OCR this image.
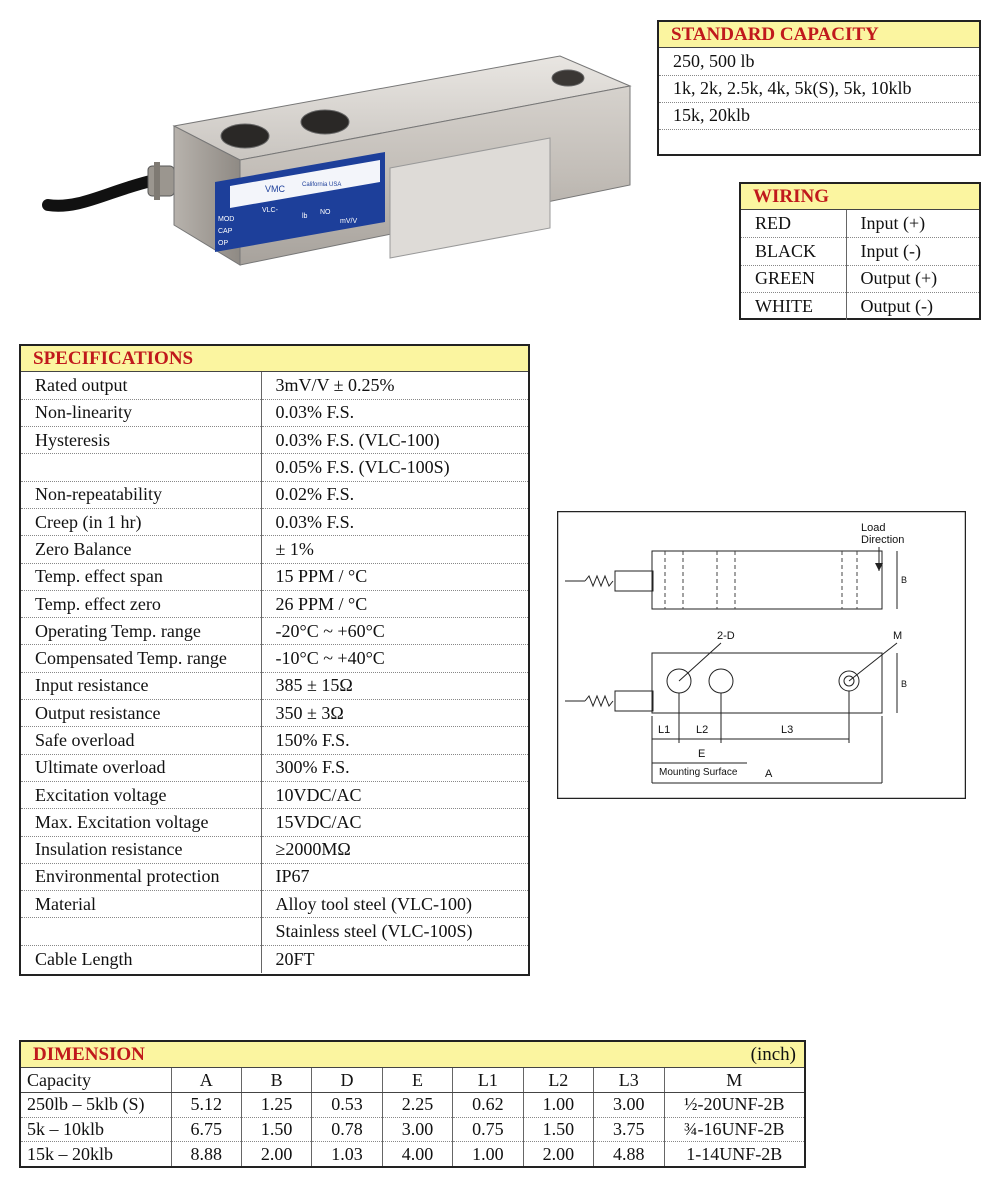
VMC	California USA
MOD
CAP
OP
VLC-
lb
NO
mV/V
STANDARD CAPACITY
250, 500 lb
1k, 2k, 2.5k, 4k, 5k(S), 5k, 10klb
15k, 20klb

WIRING
RED	Input (+)
BLACK	Input (-)
GREEN	Output (+)
WHITE	Output (-)
SPECIFICATIONS
Rated output	3mV/V ± 0.25%
Non-linearity	0.03% F.S.
Hysteresis	0.03% F.S. (VLC-100)
	0.05% F.S. (VLC-100S)
Non-repeatability	0.02% F.S.
Creep (in 1 hr)	0.03% F.S.
Zero Balance	± 1%
Temp. effect span	15 PPM / °C
Temp. effect zero	26 PPM / °C
Operating Temp. range	-20°C ~ +60°C
Compensated Temp. range	-10°C ~ +40°C
Input resistance	385 ± 15Ω
Output resistance	350 ± 3Ω
Safe overload	150% F.S.
Ultimate overload	300% F.S.
Excitation voltage	10VDC/AC
Max. Excitation voltage	15VDC/AC
Insulation resistance	≥2000MΩ
Environmental protection	IP67
Material	Alloy tool steel (VLC-100)
	Stainless steel (VLC-100S)
Cable Length	20FT
Load
Direction
B
2-D	M
B
L1 L2	L3
E
Mounting Surface	A
DIMENSION	(inch)
Capacity	A	B	D	E	L1	L2	L3	M
250lb – 5klb (S)	5.12	1.25	0.53	2.25	0.62	1.00	3.00	½-20UNF-2B
5k – 10klb	6.75	1.50	0.78	3.00	0.75	1.50	3.75	¾-16UNF-2B
15k – 20klb	8.88	2.00	1.03	4.00	1.00	2.00	4.88	1-14UNF-2B
